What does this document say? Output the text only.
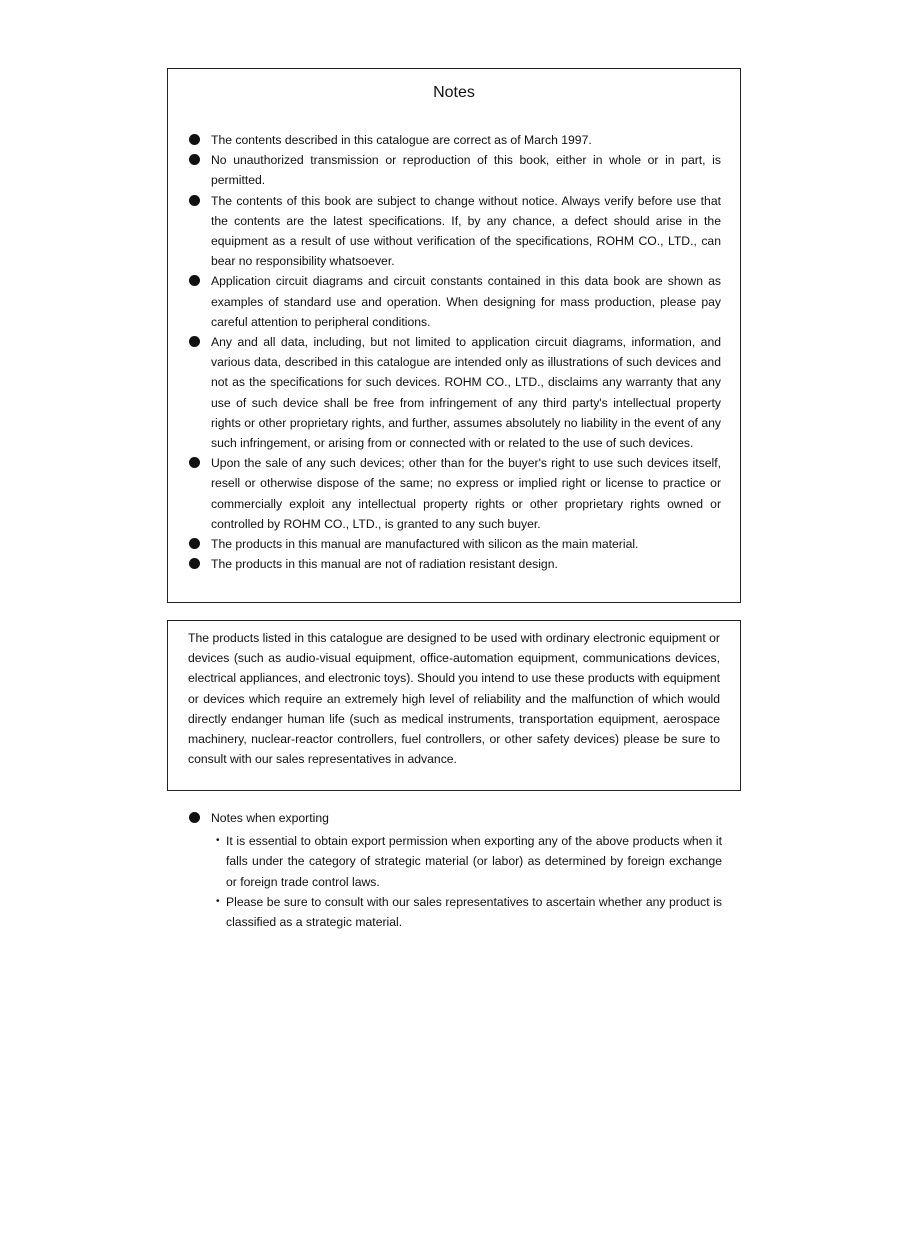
Notes
The contents described in this catalogue are correct as of March 1997.
No unauthorized transmission or reproduction of this book, either in whole or in part, is permitted.
The contents of this book are subject to change without notice. Always verify before use that the contents are the latest specifications. If, by any chance, a defect should arise in the equipment as a result of use without verification of the specifications, ROHM CO., LTD., can bear no responsibility whatsoever.
Application circuit diagrams and circuit constants contained in this data book are shown as examples of standard use and operation. When designing for mass production, please pay careful attention to peripheral conditions.
Any and all data, including, but not limited to application circuit diagrams, information, and various data, described in this catalogue are intended only as illustrations of such devices and not as the specifications for such devices. ROHM CO., LTD., disclaims any warranty that any use of such device shall be free from infringement of any third party's intellectual property rights or other proprietary rights, and further, assumes absolutely no liability in the event of any such infringement, or arising from or connected with or related to the use of such devices.
Upon the sale of any such devices; other than for the buyer's right to use such devices itself, resell or otherwise dispose of the same; no express or implied right or license to practice or commercially exploit any intellectual property rights or other proprietary rights owned or controlled by ROHM CO., LTD., is granted to any such buyer.
The products in this manual are manufactured with silicon as the main material.
The products in this manual are not of radiation resistant design.

The products listed in this catalogue are designed to be used with ordinary electronic equipment or devices (such as audio-visual equipment, office-automation equipment, communications devices, electrical appliances, and electronic toys). Should you intend to use these products with equipment or devices which require an extremely high level of reliability and the malfunction of which would directly endanger human life (such as medical instruments, transportation equipment, aerospace machinery, nuclear-reactor controllers, fuel controllers, or other safety devices) please be sure to consult with our sales representatives in advance.

Notes when exporting
• It is essential to obtain export permission when exporting any of the above products when it falls under the category of strategic material (or labor) as determined by foreign exchange or foreign trade control laws.
• Please be sure to consult with our sales representatives to ascertain whether any product is classified as a strategic material.
